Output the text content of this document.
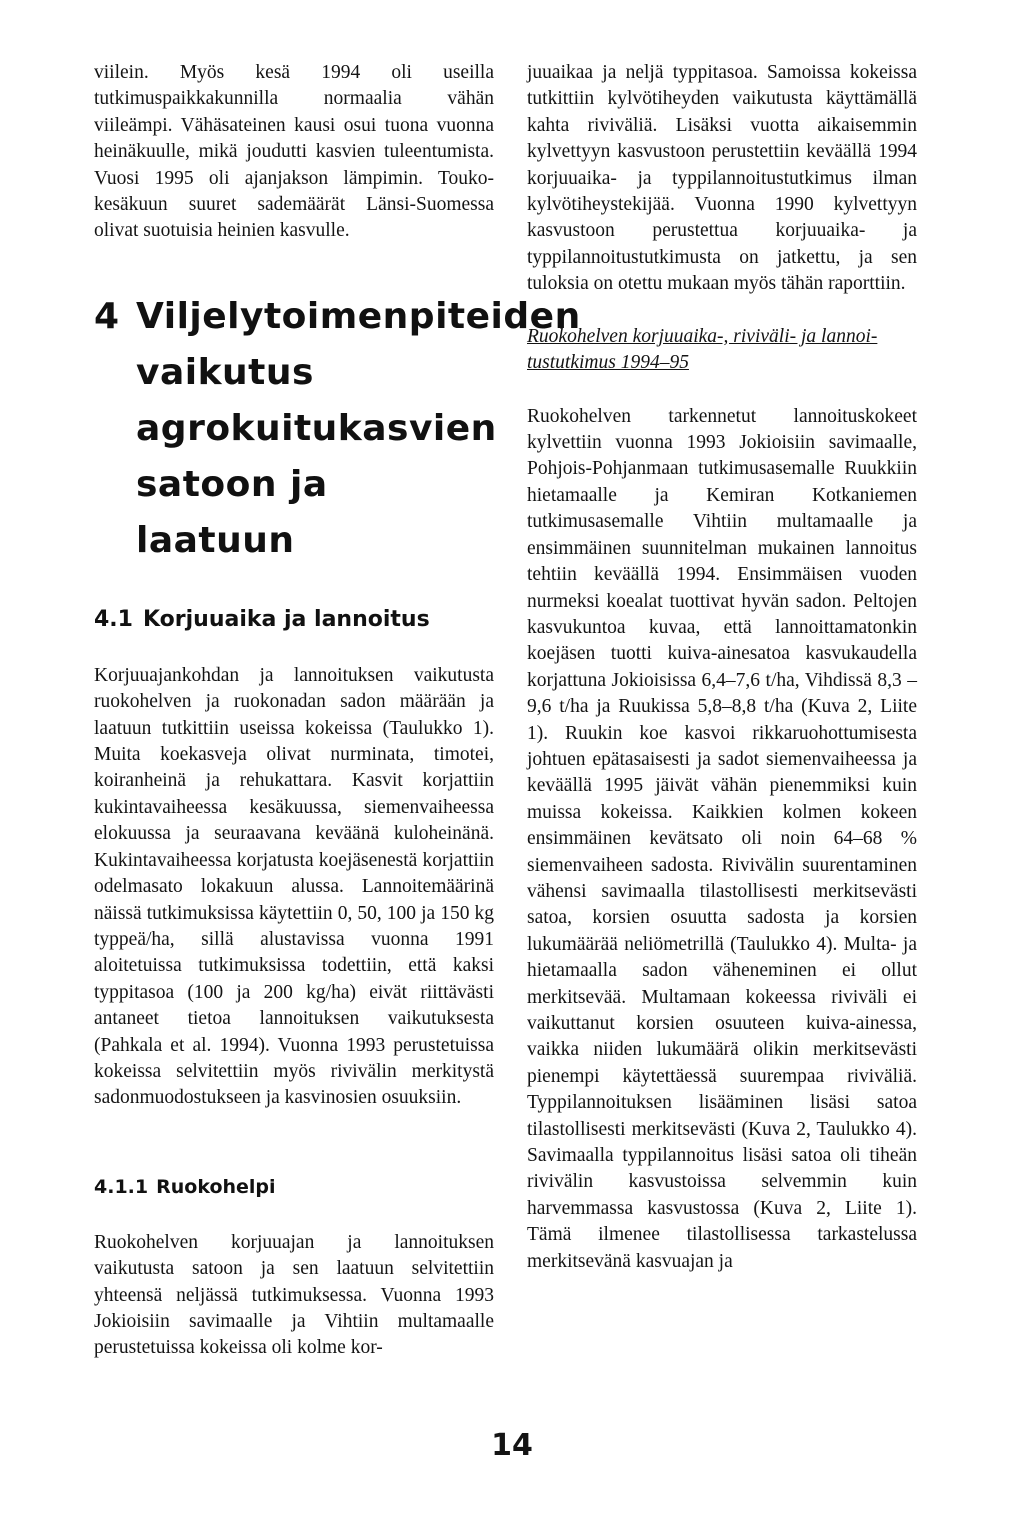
viilein. Myös kesä 1994 oli useilla tutkimuspaikkakunnilla normaalia vähän viileämpi. Vähäsateinen kausi osui tuona vuonna heinäkuulle, mikä joudutti kasvien tuleentumista. Vuosi 1995 oli ajanjakson lämpimin. Touko-kesäkuun suuret sademäärät Länsi-Suomessa olivat suotuisia heinien kasvulle.

4 Viljelytoimenpiteiden vaikutus agrokuitukasvien satoon ja laatuun
4.1 Korjuuaika ja lannoitus

Korjuuajankohdan ja lannoituksen vaikutusta ruokohelven ja ruokonadan sadon määrään ja laatuun tutkittiin useissa kokeissa (Taulukko 1). Muita koekasveja olivat nurminata, timotei, koiranheinä ja rehukattara. Kasvit korjattiin kukintavaiheessa kesäkuussa, siemenvaiheessa elokuussa ja seuraavana keväänä kuloheinänä. Kukintavaiheessa korjatusta koejäsenestä korjattiin odelmasato lokakuun alussa. Lannoitemäärinä näissä tutkimuksissa käytettiin 0, 50, 100 ja 150 kg typpeä/ha, sillä alustavissa vuonna 1991 aloitetuissa tutkimuksissa todettiin, että kaksi typpitasoa (100 ja 200 kg/ha) eivät riittävästi antaneet tietoa lannoituksen vaikutuksesta (Pahkala et al. 1994). Vuonna 1993 perustetuissa kokeissa selvitettiin myös rivivälin merkitystä sadonmuodostukseen ja kasvinosien osuuksiin.

4.1.1 Ruokohelpi

Ruokohelven korjuuajan ja lannoituksen vaikutusta satoon ja sen laatuun selvitettiin yhteensä neljässä tutkimuksessa. Vuonna 1993 Jokioisiin savimaalle ja Vihtiin multamaalle perustetuissa kokeissa oli kolme kor-

juuaikaa ja neljä typpitasoa. Samoissa kokeissa tutkittiin kylvötiheyden vaikutusta käyttämällä kahta riviväliä. Lisäksi vuotta aikaisemmin kylvettyyn kasvustoon perustettiin keväällä 1994 korjuuaika- ja typpilannoitustutkimus ilman kylvötiheystekijää. Vuonna 1990 kylvettyyn kasvustoon perustettua korjuuaika- ja typpilannoitustutkimusta on jatkettu, ja sen tuloksia on otettu mukaan myös tähän raporttiin.

Ruokohelven korjuuaika-, riviväli- ja lannoi-
tustutkimus 1994–95

Ruokohelven tarkennetut lannoituskokeet kylvettiin vuonna 1993 Jokioisiin savimaalle, Pohjois-Pohjanmaan tutkimusasemalle Ruukkiin hietamaalle ja Kemiran Kotkaniemen tutkimusasemalle Vihtiin multamaalle ja ensimmäinen suunnitelman mukainen lannoitus tehtiin keväällä 1994. Ensimmäisen vuoden nurmeksi koealat tuottivat hyvän sadon. Peltojen kasvukuntoa kuvaa, että lannoittamatonkin koejäsen tuotti kuiva-ainesatoa kasvukaudella korjattuna Jokioisissa 6,4–7,6 t/ha, Vihdissä 8,3 –9,6 t/ha ja Ruukissa 5,8–8,8 t/ha (Kuva 2, Liite 1). Ruukin koe kasvoi rikkaruohottumisesta johtuen epätasaisesti ja sadot siemenvaiheessa ja keväällä 1995 jäivät vähän pienemmiksi kuin muissa kokeissa. Kaikkien kolmen kokeen ensimmäinen kevätsato oli noin 64–68 % siemenvaiheen sadosta. Rivivälin suurentaminen vähensi savimaalla tilastollisesti merkitsevästi satoa, korsien osuutta sadosta ja korsien lukumäärää neliömetrillä (Taulukko 4). Multa- ja hietamaalla sadon väheneminen ei ollut merkitsevää. Multamaan kokeessa riviväli ei vaikuttanut korsien osuuteen kuiva-ainessa, vaikka niiden lukumäärä olikin merkitsevästi pienempi käytettäessä suurempaa riviväliä. Typpilannoituksen lisääminen lisäsi satoa tilastollisesti merkitsevästi (Kuva 2, Taulukko 4). Savimaalla typpilannoitus lisäsi satoa oli tiheän rivivälin kasvustoissa selvemmin kuin harvemmassa kasvustossa (Kuva 2, Liite 1). Tämä ilmenee tilastollisessa tarkastelussa merkitsevänä kasvuajan ja

14
